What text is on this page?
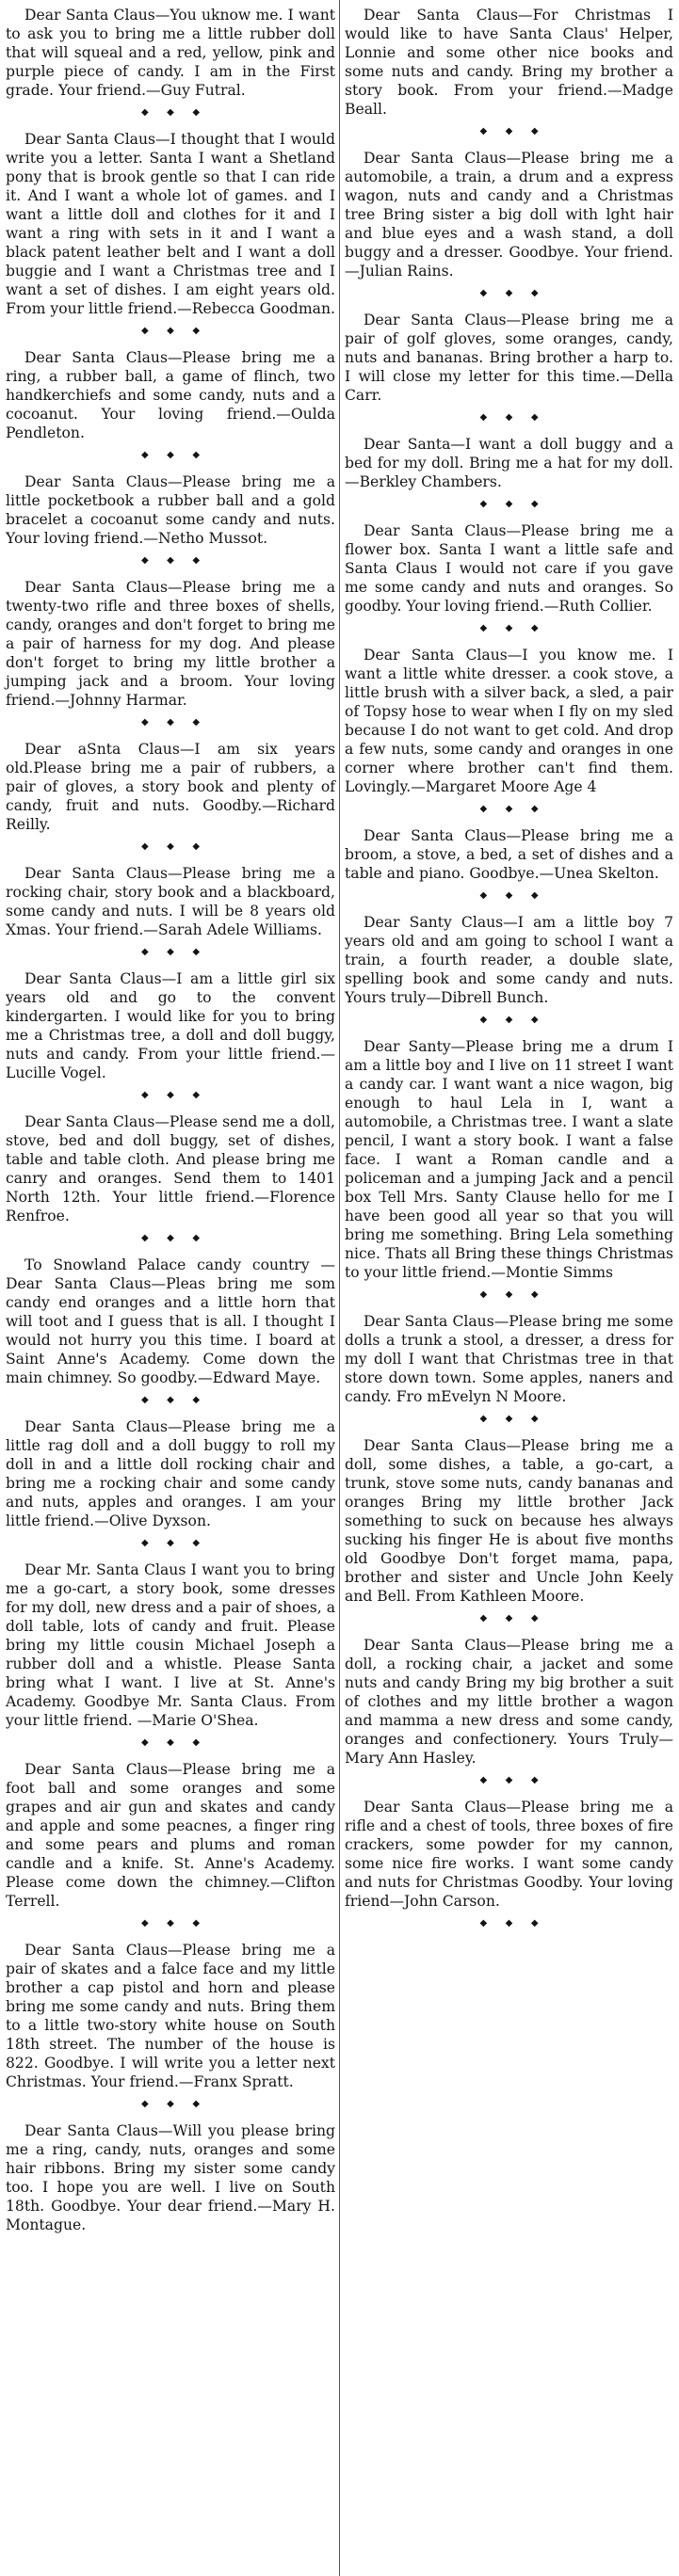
Dear Santa Claus—You uknow me. I want to ask you to bring me a little rubber doll that will squeal and a red, yellow, pink and purple piece of candy. I am in the First grade. Your friend.—Guy Futral.

◆ ◆ ◆

Dear Santa Claus—I thought that I would write you a letter. Santa I want a Shetland pony that is brook gentle so that I can ride it. And I want a whole lot of games. and I want a little doll and clothes for it and I want a ring with sets in it and I want a black patent leather belt and I want a doll buggie and I want a Christmas tree and I want a set of dishes. I am eight years old. From your little friend.—Rebecca Goodman.

◆ ◆ ◆

Dear Santa Claus—Please bring me a ring, a rubber ball, a game of flinch, two handkerchiefs and some candy, nuts and a cocoanut. Your loving friend.—Oulda Pendleton.

◆ ◆ ◆

Dear Santa Claus—Please bring me a little pocketbook a rubber ball and a gold bracelet a cocoanut some candy and nuts. Your loving friend.—Netho Mussot.

◆ ◆ ◆

Dear Santa Claus—Please bring me a twenty-two rifle and three boxes of shells, candy, oranges and don't forget to bring me a pair of harness for my dog. And please don't forget to bring my little brother a jumping jack and a broom. Your loving friend.—Johnny Harmar.

◆ ◆ ◆

Dear aSnta Claus—I am six years old.Please bring me a pair of rubbers, a pair of gloves, a story book and plenty of candy, fruit and nuts. Goodby.—Richard Reilly.

◆ ◆ ◆

Dear Santa Claus—Please bring me a rocking chair, story book and a blackboard, some candy and nuts. I will be 8 years old Xmas. Your friend.—Sarah Adele Williams.

◆ ◆ ◆

Dear Santa Claus—I am a little girl six years old and go to the convent kindergarten. I would like for you to bring me a Christmas tree, a doll and doll buggy, nuts and candy. From your little friend.—Lucille Vogel.

◆ ◆ ◆

Dear Santa Claus—Please send me a doll, stove, bed and doll buggy, set of dishes, table and table cloth. And please bring me canry and oranges. Send them to 1401 North 12th. Your little friend.—Florence Renfroe.

◆ ◆ ◆

To Snowland Palace candy country —Dear Santa Claus—Pleas bring me som candy end oranges and a little horn that will toot and I guess that is all. I thought I would not hurry you this time. I board at Saint Anne's Academy. Come down the main chimney. So goodby.—Edward Maye.

◆ ◆ ◆

Dear Santa Claus—Please bring me a little rag doll and a doll buggy to roll my doll in and a little doll rocking chair and bring me a rocking chair and some candy and nuts, apples and oranges. I am your little friend.—Olive Dyxson.

◆ ◆ ◆

Dear Mr. Santa Claus I want you to bring me a go-cart, a story book, some dresses for my doll, new dress and a pair of shoes, a doll table, lots of candy and fruit. Please bring my little cousin Michael Joseph a rubber doll and a whistle. Please Santa bring what I want. I live at St. Anne's Academy. Goodbye Mr. Santa Claus. From your little friend. —Marie O'Shea.

◆ ◆ ◆

Dear Santa Claus—Please bring me a foot ball and some oranges and some grapes and air gun and skates and candy and apple and some peacnes, a finger ring and some pears and plums and roman candle and a knife. St. Anne's Academy. Please come down the chimney.—Clifton Terrell.

◆ ◆ ◆

Dear Santa Claus—Please bring me a pair of skates and a falce face and my little brother a cap pistol and horn and please bring me some candy and nuts. Bring them to a little two-story white house on South 18th street. The number of the house is 822. Goodbye. I will write you a letter next Christmas. Your friend.—Franx Spratt.

◆ ◆ ◆

Dear Santa Claus—Will you please bring me a ring, candy, nuts, oranges and some hair ribbons. Bring my sister some candy too. I hope you are well. I live on South 18th. Goodbye. Your dear friend.—Mary H. Montague.

Dear Santa Claus—For Christmas I would like to have Santa Claus' Helper, Lonnie and some other nice books and some nuts and candy. Bring my brother a story book. From your friend.—Madge Beall.

◆ ◆ ◆

Dear Santa Claus—Please bring me a automobile, a train, a drum and a express wagon, nuts and candy and a Christmas tree Bring sister a big doll with lght hair and blue eyes and a wash stand, a doll buggy and a dresser. Goodbye. Your friend.—Julian Rains.

◆ ◆ ◆

Dear Santa Claus—Please bring me a pair of golf gloves, some oranges, candy, nuts and bananas. Bring brother a harp to. I will close my letter for this time.—Della Carr.

◆ ◆ ◆

Dear Santa—I want a doll buggy and a bed for my doll. Bring me a hat for my doll.—Berkley Chambers.

◆ ◆ ◆

Dear Santa Claus—Please bring me a flower box. Santa I want a little safe and Santa Claus I would not care if you gave me some candy and nuts and oranges. So goodby. Your loving friend.—Ruth Collier.

◆ ◆ ◆

Dear Santa Claus—I you know me. I want a little white dresser. a cook stove, a little brush with a silver back, a sled, a pair of Topsy hose to wear when I fly on my sled because I do not want to get cold. And drop a few nuts, some candy and oranges in one corner where brother can't find them. Lovingly.—Margaret Moore Age 4

◆ ◆ ◆

Dear Santa Claus—Please bring me a broom, a stove, a bed, a set of dishes and a table and piano. Goodbye.—Unea Skelton.

◆ ◆ ◆

Dear Santy Claus—I am a little boy 7 years old and am going to school I want a train, a fourth reader, a double slate, spelling book and some candy and nuts. Yours truly—Dibrell Bunch.

◆ ◆ ◆

Dear Santy—Please bring me a drum I am a little boy and I live on 11 street I want a candy car. I want want a nice wagon, big enough to haul Lela in I, want a automobile, a Christmas tree. I want a slate pencil, I want a story book. I want a false face. I want a Roman candle and a policeman and a jumping Jack and a pencil box Tell Mrs. Santy Clause hello for me I have been good all year so that you will bring me something. Bring Lela something nice. Thats all Bring these things Christmas to your little friend.—Montie Simms

◆ ◆ ◆

Dear Santa Claus—Please bring me some dolls a trunk a stool, a dresser, a dress for my doll I want that Christmas tree in that store down town. Some apples, naners and candy. Fro mEvelyn N Moore.

◆ ◆ ◆

Dear Santa Claus—Please bring me a doll, some dishes, a table, a go-cart, a trunk, stove some nuts, candy bananas and oranges Bring my little brother Jack something to suck on because hes always sucking his finger He is about five months old Goodbye Don't forget mama, papa, brother and sister and Uncle John Keely and Bell. From Kathleen Moore.

◆ ◆ ◆

Dear Santa Claus—Please bring me a doll, a rocking chair, a jacket and some nuts and candy Bring my big brother a suit of clothes and my little brother a wagon and mamma a new dress and some candy, oranges and confectionery. Yours Truly—Mary Ann Hasley.

◆ ◆ ◆

Dear Santa Claus—Please bring me a rifle and a chest of tools, three boxes of fire crackers, some powder for my cannon, some nice fire works. I want some candy and nuts for Christmas Goodby. Your loving friend—John Carson.

◆ ◆ ◆
